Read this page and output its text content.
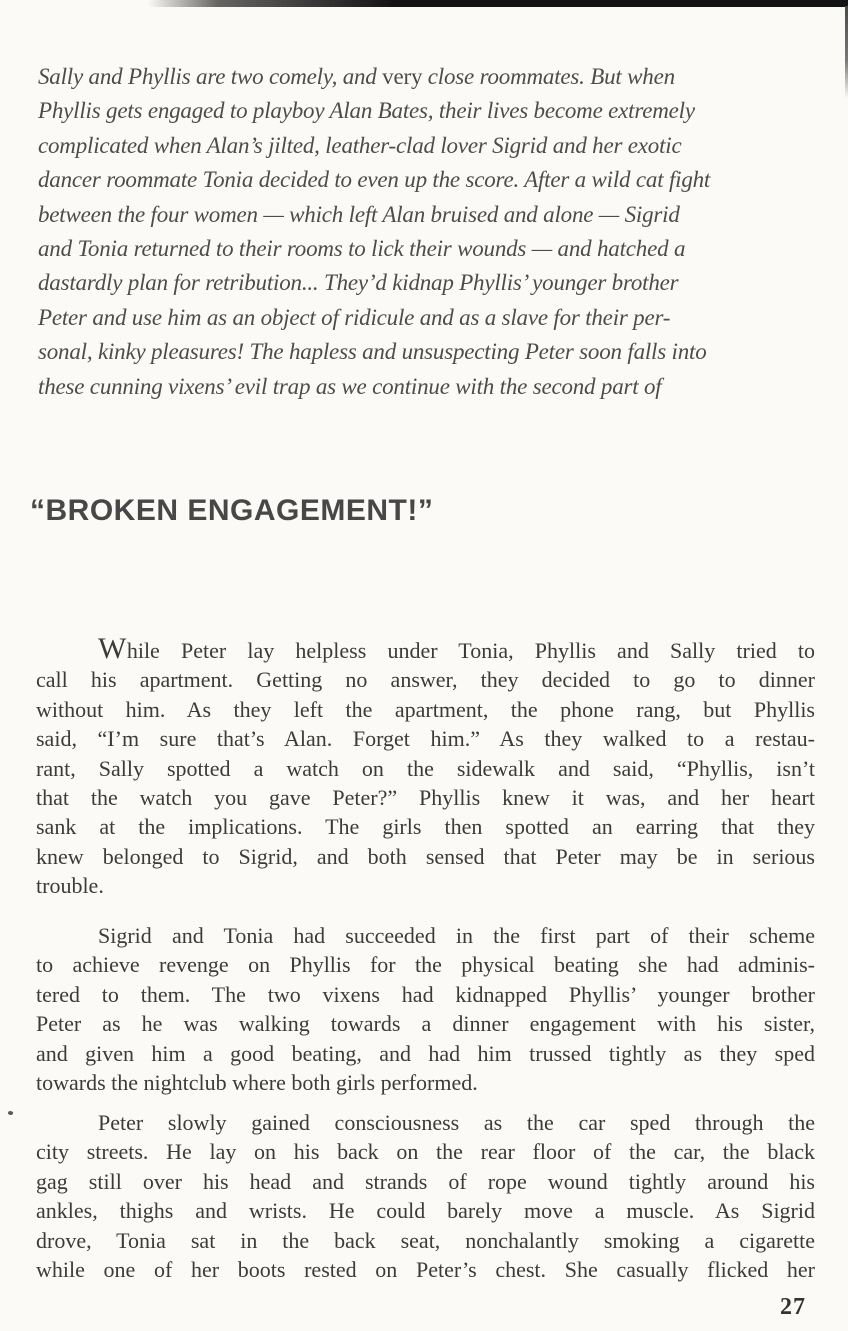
Sally and Phyllis are two comely, and very close roommates. But when
Phyllis gets engaged to playboy Alan Bates, their lives become extremely
complicated when Alan’s jilted, leather-clad lover Sigrid and her exotic
dancer roommate Tonia decided to even up the score. After a wild cat fight
between the four women — which left Alan bruised and alone — Sigrid
and Tonia returned to their rooms to lick their wounds — and hatched a
dastardly plan for retribution... They’d kidnap Phyllis’ younger brother
Peter and use him as an object of ridicule and as a slave for their per-
sonal, kinky pleasures! The hapless and unsuspecting Peter soon falls into
these cunning vixens’ evil trap as we continue with the second part of
“BROKEN ENGAGEMENT!”
While Peter lay helpless under Tonia, Phyllis and Sally tried to
call his apartment. Getting no answer, they decided to go to dinner
without him. As they left the apartment, the phone rang, but Phyllis
said, “I’m sure that’s Alan. Forget him.” As they walked to a restau-
rant, Sally spotted a watch on the sidewalk and said, “Phyllis, isn’t
that the watch you gave Peter?” Phyllis knew it was, and her heart
sank at the implications. The girls then spotted an earring that they
knew belonged to Sigrid, and both sensed that Peter may be in serious
trouble.
Sigrid and Tonia had succeeded in the first part of their scheme
to achieve revenge on Phyllis for the physical beating she had adminis-
tered to them. The two vixens had kidnapped Phyllis’ younger brother
Peter as he was walking towards a dinner engagement with his sister,
and given him a good beating, and had him trussed tightly as they sped
towards the nightclub where both girls performed.
Peter slowly gained consciousness as the car sped through the
city streets. He lay on his back on the rear floor of the car, the black
gag still over his head and strands of rope wound tightly around his
ankles, thighs and wrists. He could barely move a muscle. As Sigrid
drove, Tonia sat in the back seat, nonchalantly smoking a cigarette
while one of her boots rested on Peter’s chest. She casually flicked her
27
